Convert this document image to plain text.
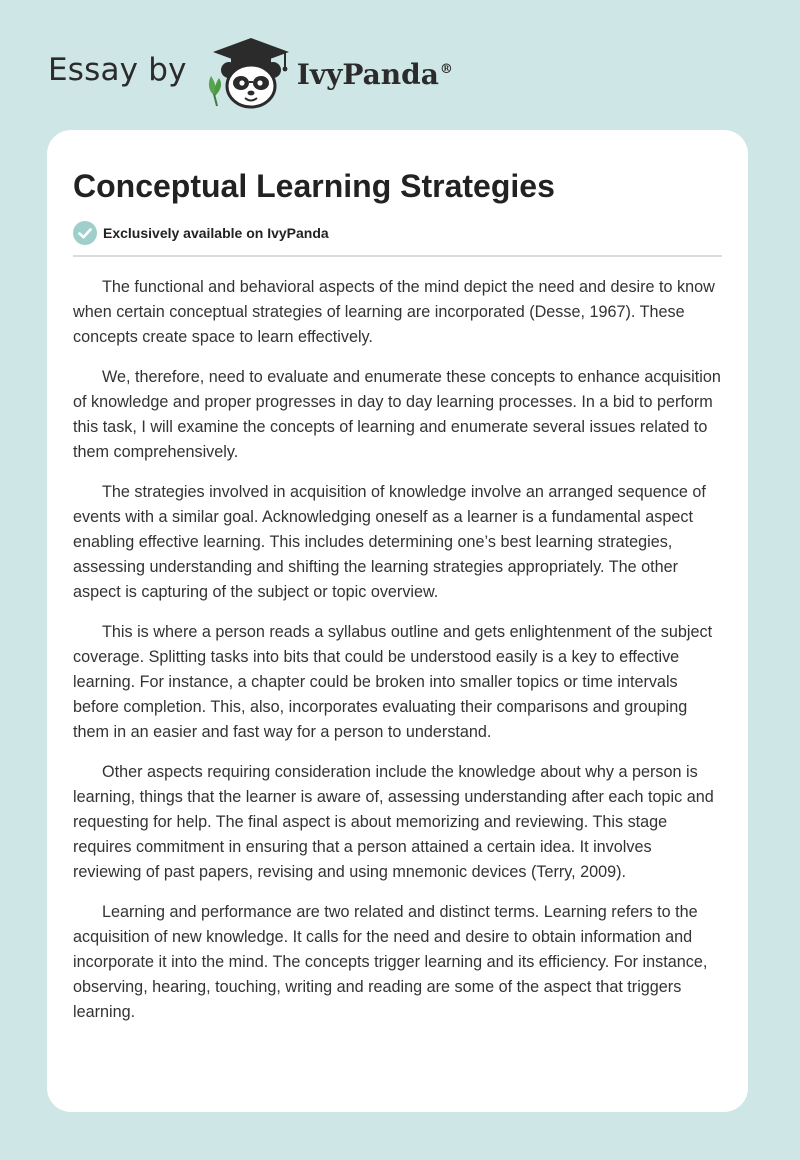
Essay by	IvyPanda®
Conceptual Learning Strategies
Exclusively available on IvyPanda

The functional and behavioral aspects of the mind depict the need and desire to know when certain conceptual strategies of learning are incorporated (Desse, 1967). These concepts create space to learn effectively.

We, therefore, need to evaluate and enumerate these concepts to enhance acquisition of knowledge and proper progresses in day to day learning processes. In a bid to perform this task, I will examine the concepts of learning and enumerate several issues related to them comprehensively.

The strategies involved in acquisition of knowledge involve an arranged sequence of events with a similar goal. Acknowledging oneself as a learner is a fundamental aspect enabling effective learning. This includes determining one’s best learning strategies, assessing understanding and shifting the learning strategies appropriately. The other aspect is capturing of the subject or topic overview.

This is where a person reads a syllabus outline and gets enlightenment of the subject coverage. Splitting tasks into bits that could be understood easily is a key to effective learning. For instance, a chapter could be broken into smaller topics or time intervals before completion. This, also, incorporates evaluating their comparisons and grouping them in an easier and fast way for a person to understand.

Other aspects requiring consideration include the knowledge about why a person is learning, things that the learner is aware of, assessing understanding after each topic and requesting for help. The final aspect is about memorizing and reviewing. This stage requires commitment in ensuring that a person attained a certain idea. It involves reviewing of past papers, revising and using mnemonic devices (Terry, 2009).

Learning and performance are two related and distinct terms. Learning refers to the acquisition of new knowledge. It calls for the need and desire to obtain information and incorporate it into the mind. The concepts trigger learning and its efficiency. For instance, observing, hearing, touching, writing and reading are some of the aspect that triggers learning.
